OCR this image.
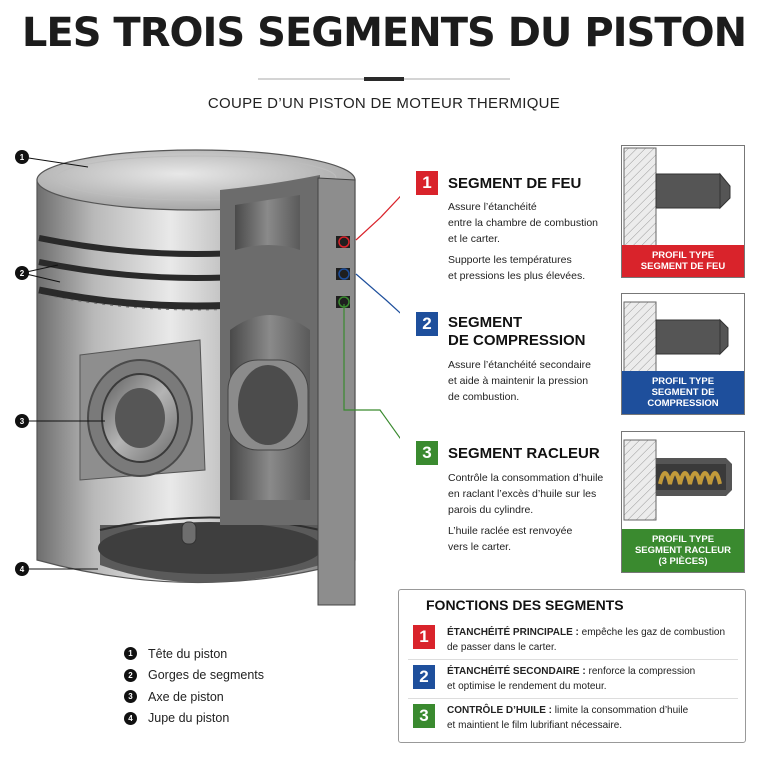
LES TROIS SEGMENTS DU PISTON
COUPE D’UN PISTON DE MOTEUR THERMIQUE
1
2
3
4
1	SEGMENT DE FEU
Assure l’étanchéité
entre la chambre de combustion
et le carter.
Supporte les températures
et pressions les plus élevées.
2	SEGMENT
DE COMPRESSION
Assure l’étanchéité secondaire
et aide à maintenir la pression
de combustion.
3	SEGMENT RACLEUR
Contrôle la consommation d’huile
en raclant l’excès d’huile sur les
parois du cylindre.
L’huile raclée est renvoyée
vers le carter.
PROFIL TYPE
SEGMENT DE FEU
PROFIL TYPE
SEGMENT DE COMPRESSION
PROFIL TYPE
SEGMENT RACLEUR
(3 PIÈCES)
FONCTIONS DES SEGMENTS
1	ÉTANCHÉITÉ PRINCIPALE : empêche les gaz de combustion
de passer dans le carter.
2	ÉTANCHÉITÉ SECONDAIRE : renforce la compression
et optimise le rendement du moteur.
3	CONTRÔLE D’HUILE : limite la consommation d’huile
et maintient le film lubrifiant nécessaire.
1	Tête du piston
2	Gorges de segments
3	Axe de piston
4	Jupe du piston
